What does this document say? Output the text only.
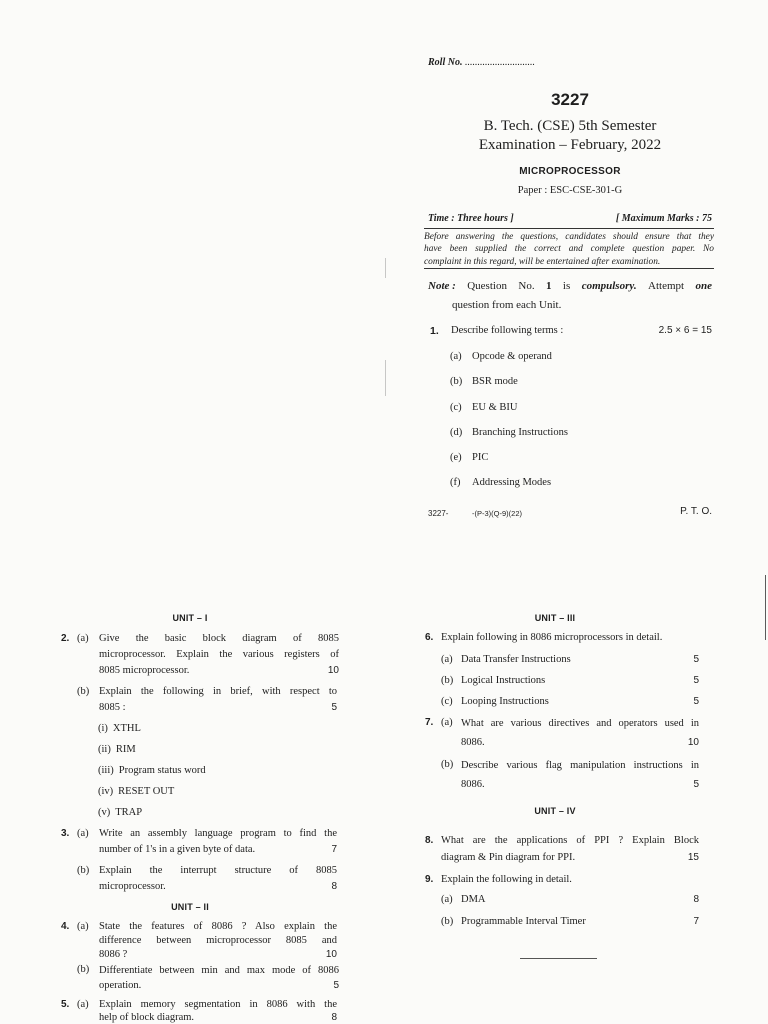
Roll No. ............................
3227
B. Tech. (CSE) 5th Semester
Examination – February, 2022
MICROPROCESSOR
Paper : ESC-CSE-301-G
Time : Three hours ]	[ Maximum Marks : 75
Before answering the questions, candidates should ensure that they
have been supplied the correct and complete question paper. No
complaint in this regard, will be entertained after examination.
Note : Question No. 1 is compulsory. Attempt one
question from each Unit.
1. Describe following terms :	2.5 × 6 = 15
(a) Opcode & operand
(b) BSR mode
(c) EU & BIU
(d) Branching Instructions
(e) PIC
(f) Addressing Modes
3227-	-(P-3)(Q-9)(22)	P. T. O.
UNIT – I
2. (a) Give the basic block diagram of 8085
microprocessor. Explain the various registers of
8085 microprocessor.	10
(b) Explain the following in brief, with respect to
8085 :	5
(i) XTHL
(ii) RIM
(iii) Program status word
(iv) RESET OUT
(v) TRAP
3. (a) Write an assembly language program to find the
number of 1's in a given byte of data.	7
(b) Explain the interrupt structure of 8085
microprocessor.	8
UNIT – II
4. (a) State the features of 8086 ? Also explain the
difference between microprocessor 8085 and
8086 ?	10
(b) Differentiate between min and max mode of 8086
operation.	5
5. (a) Explain memory segmentation in 8086 with the
help of block diagram.	8
UNIT – III
6. Explain following in 8086 microprocessors in detail.
(a) Data Transfer Instructions	5
(b) Logical Instructions	5
(c) Looping Instructions	5
7. (a) What are various directives and operators used in
8086.	10
(b) Describe various flag manipulation instructions in
8086.	5
UNIT – IV
8. What are the applications of PPI ? Explain Block
diagram & Pin diagram for PPI.	15
9. Explain the following in detail.
(a) DMA	8
(b) Programmable Interval Timer	7
